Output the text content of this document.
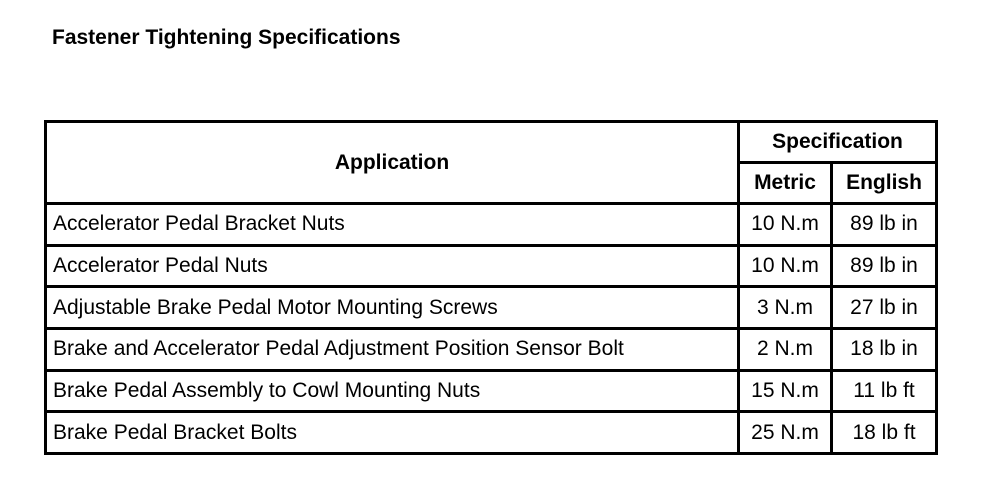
Fastener Tightening Specifications
Application	Specification	
	Metric	English
Accelerator Pedal Bracket Nuts	10 N.m	89 lb in
Accelerator Pedal Nuts	10 N.m	89 lb in
Adjustable Brake Pedal Motor Mounting Screws	3 N.m	27 lb in
Brake and Accelerator Pedal Adjustment Position Sensor Bolt	2 N.m	18 lb in
Brake Pedal Assembly to Cowl Mounting Nuts	15 N.m	11 lb ft
Brake Pedal Bracket Bolts	25 N.m	18 lb ft
